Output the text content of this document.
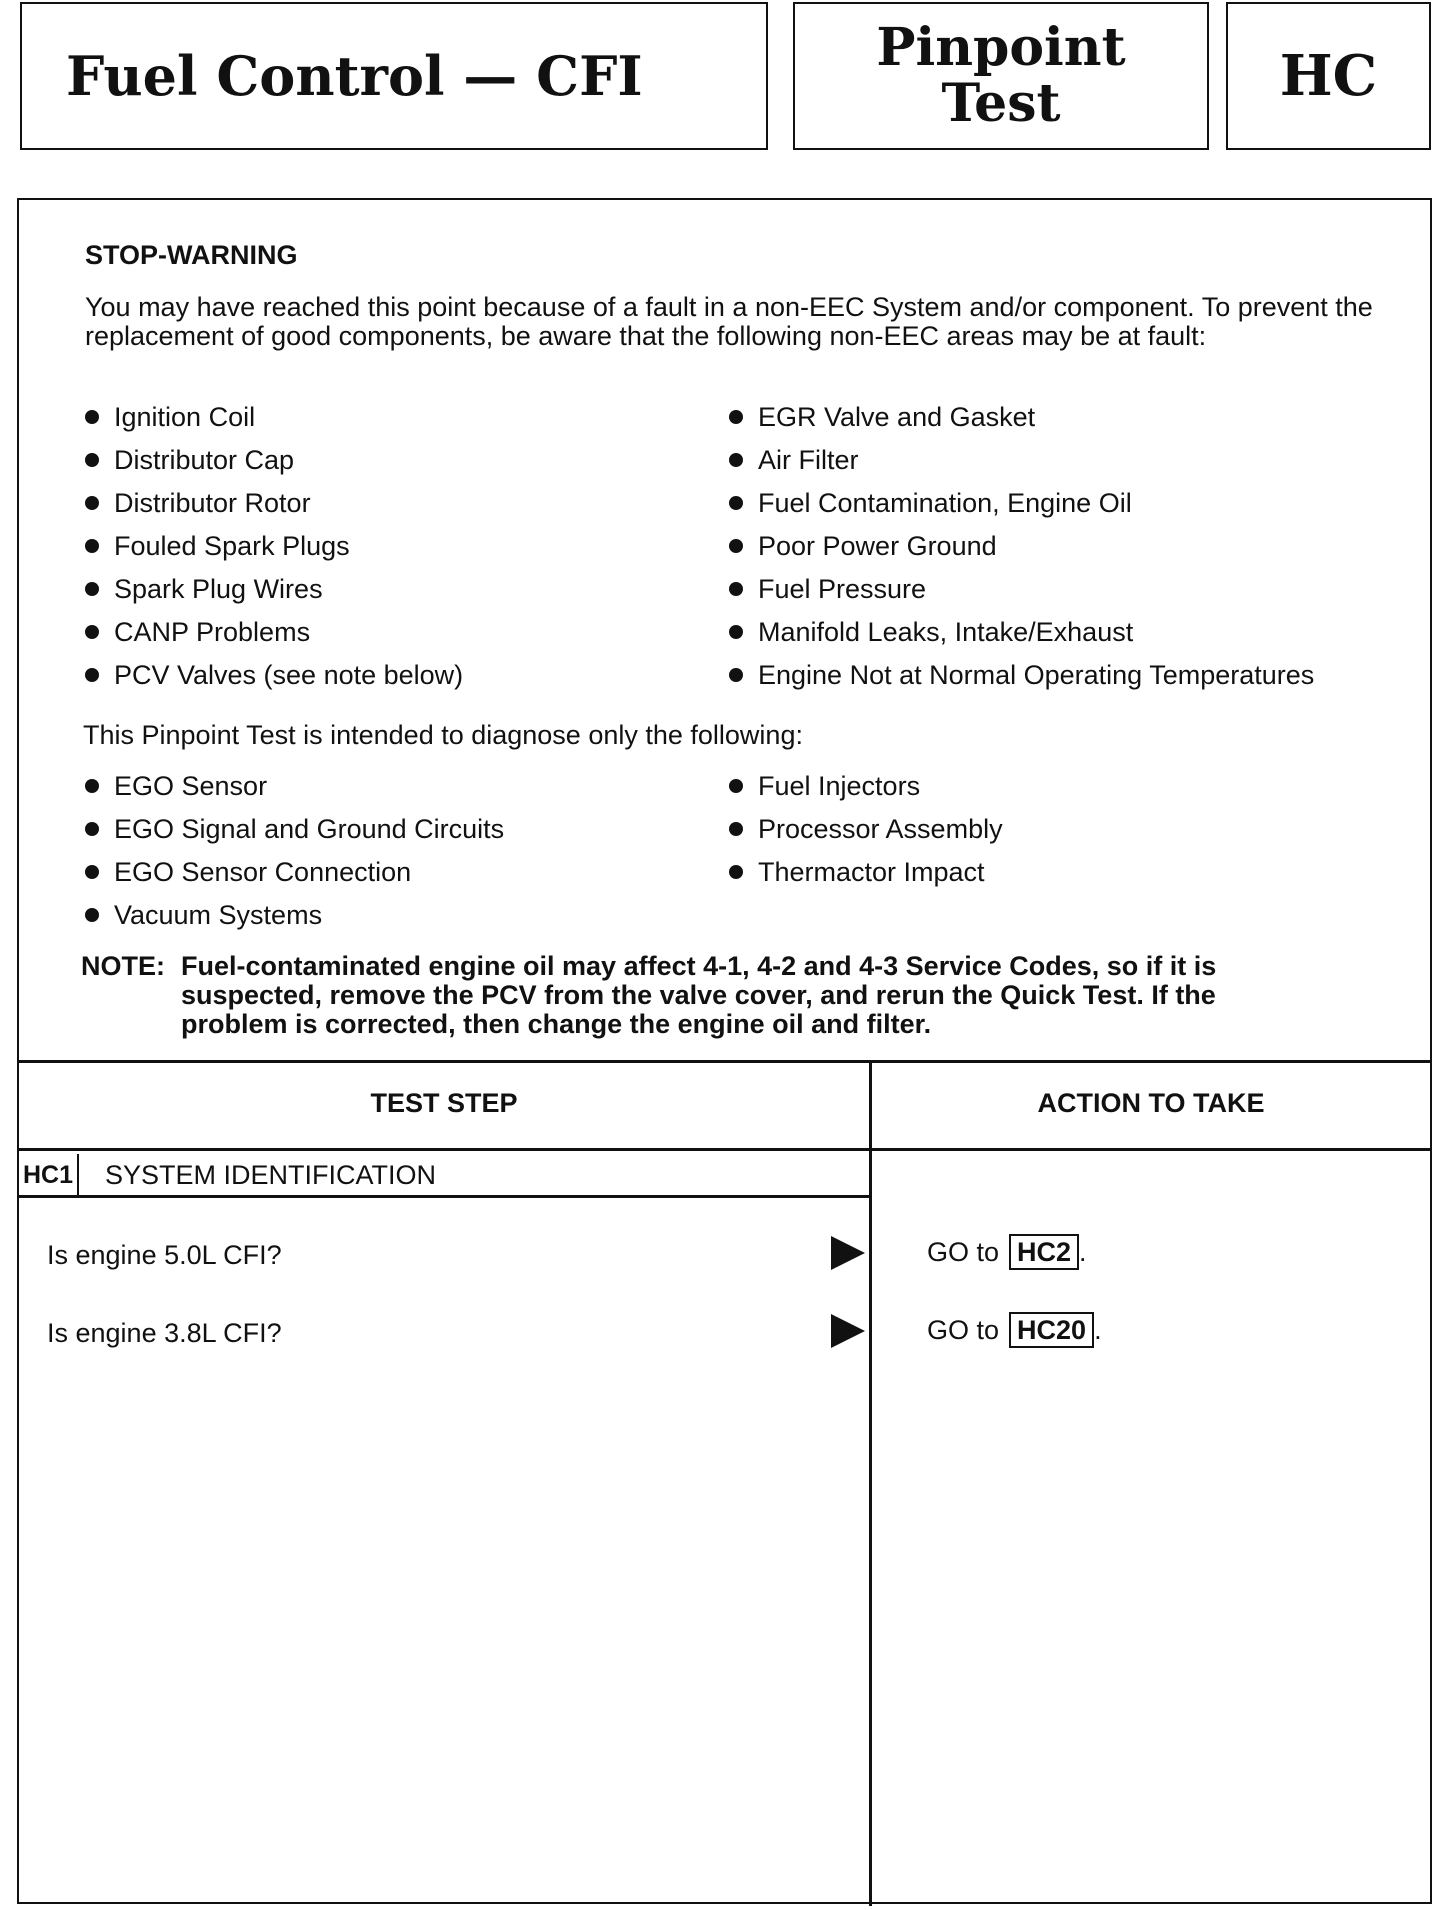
Fuel Control — CFI	Pinpoint
Test	HC
STOP-WARNING
You may have reached this point because of a fault in a non-EEC System and/or component. To prevent the replacement of good components, be aware that the following non-EEC areas may be at fault:
Ignition Coil
Distributor Cap
Distributor Rotor
Fouled Spark Plugs
Spark Plug Wires
CANP Problems
PCV Valves (see note below)
EGR Valve and Gasket
Air Filter
Fuel Contamination, Engine Oil
Poor Power Ground
Fuel Pressure
Manifold Leaks, Intake/Exhaust
Engine Not at Normal Operating Temperatures
This Pinpoint Test is intended to diagnose only the following:
EGO Sensor
EGO Signal and Ground Circuits
EGO Sensor Connection
Vacuum Systems
Fuel Injectors
Processor Assembly
Thermactor Impact
NOTE: Fuel-contaminated engine oil may affect 4-1, 4-2 and 4-3 Service Codes, so if it is suspected, remove the PCV from the valve cover, and rerun the Quick Test. If the problem is corrected, then change the engine oil and filter.
TEST STEP	ACTION TO TAKE
HC1 SYSTEM IDENTIFICATION
Is engine 5.0L CFI?	GO to HC2 .
Is engine 3.8L CFI?	GO to HC20 .
